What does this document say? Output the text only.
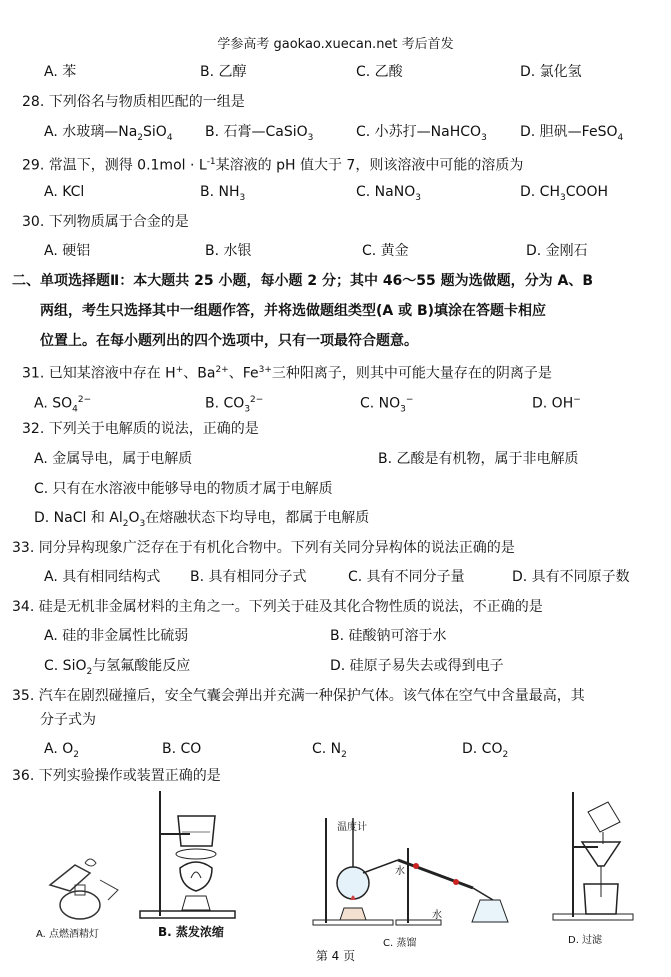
学参高考 gaokao.xuecan.net 考后首发
A. 苯	B. 乙醇	C. 乙酸	D. 氯化氢
28. 下列俗名与物质相匹配的一组是
A. 水玻璃$—Na_2SiO_4$ B. 石膏—CaSiO$_3$	C. 小苏打—NaHCO$_3$ D. 胆矾—FeSO$_4$
29. 常温下，测得 $0.1mol \cdot L^{-1}$某溶液的 pH 值大于 7，则该溶液中可能的溶质为
A. KCl	B. $NH_3$	C. NaNO$_3$	D. $CH_3COOH$
30. 下列物质属于合金的是
A. 硬铝	B. 水银	C. 黄金	D. 金刚石
二、单项选择题Ⅱ：本大题共 25 小题，每小题 2 分；其中 46～55 题为选做题，分为 A、B
两组，考生只选择其中一组题作答，并将选做题组类型(A 或 B)填涂在答题卡相应
位置上。在每小题列出的四个选项中，只有一项最符合题意。
31. 已知某溶液中存在 H+、$Ba^{2+}$、$Fe^{3+}$三种阳离子，则其中可能大量存在的阴离子是
A. $SO_4^{2-}$	B. $CO_3^{2-}$	C. $NO_3^-$	D. OH−
32. 下列关于电解质的说法，正确的是
A. 金属导电，属于电解质	B. 乙酸是有机物，属于非电解质
C. 只有在水溶液中能够导电的物质才属于电解质
D. NaCl 和 $Al_2O_3$在熔融状态下均导电，都属于电解质
33. 同分异构现象广泛存在于有机化合物中。下列有关同分异构体的说法正确的是
A. 具有相同结构式 B. 具有相同分子式	C. 具有不同分子量	D. 具有不同原子数
34. 硅是无机非金属材料的主角之一。下列关于硅及其化合物性质的说法，不正确的是
A. 硅的非金属性比硫弱	B. 硅酸钠可溶于水
C. SiO$_2$与氢氟酸能反应	D. 硅原子易失去或得到电子
35. 汽车在剧烈碰撞后，安全气囊会弹出并充满一种保护气体。该气体在空气中含量最高，其
分子式为
A. $O_2$	B. CO	C. $N_2$	D. $CO_2$
36. 下列实验操作或装置正确的是
A. 点燃酒精灯	B. 蒸发浓缩
温度计
水
水
C. 蒸馏	D. 过滤
第 4 页
